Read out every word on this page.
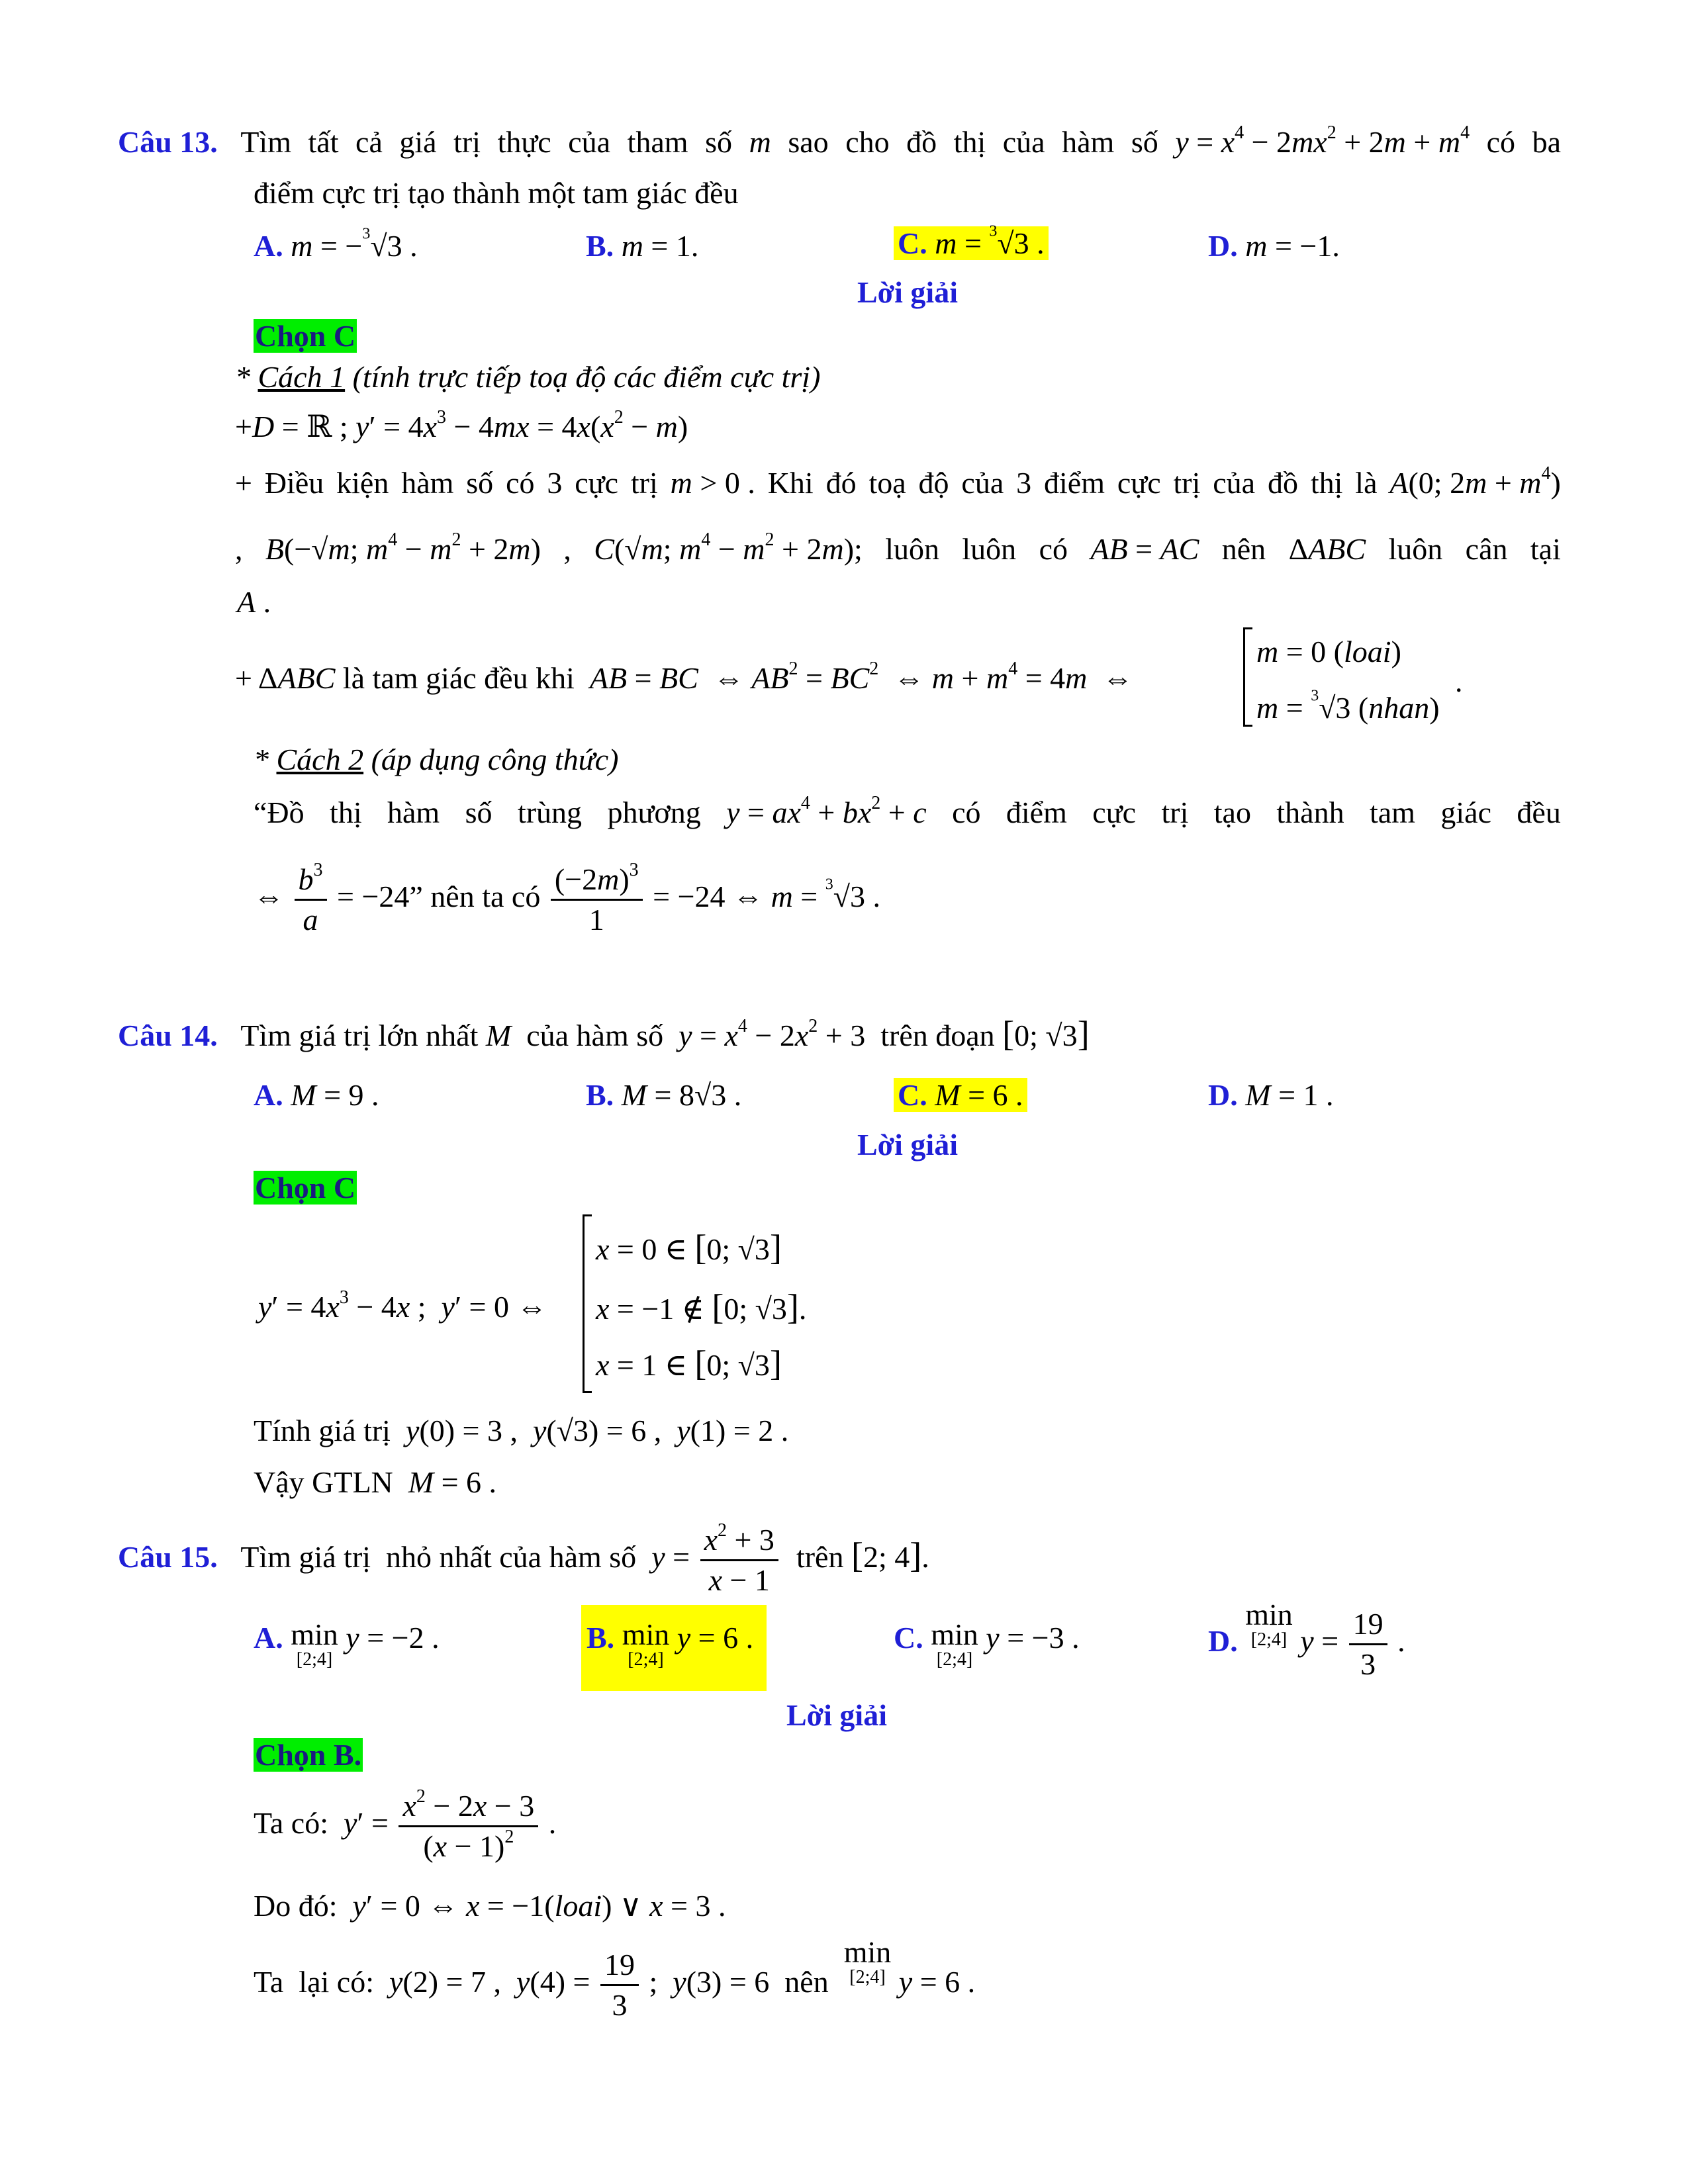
Câu 13.   Tìm tất cả giá trị thực của tham số m sao cho đồ thị của hàm số $y = x^4 - 2mx^2 + 2m + m^4$ có ba
điểm cực trị tạo thành một tam giác đều
A. m = −$^3$√3 .	B. m = 1.	C. m = $^3$√3 .	D. m = −1.
Lời giải
Chọn C
* Cách 1 (tính trực tiếp toạ độ các điểm cực trị)
+D = ℝ ; $y' = 4x^3 - 4mx = 4x(x^2 - m)$
+ Điều kiện hàm số có 3 cực trị m > 0 . Khi đó toạ độ của 3 điểm cực trị của đồ thị là A(0; $2m + m^4$)
, B(−√m; $m^4 - m^2 + 2m$) , C(√m; $m^4 - m^2 + 2m$); luôn luôn có AB = AC nên ΔABC luôn cân tại
A .
+ ΔABC là tam giác đều khi  AB = BC  ⇔ $AB^2 = BC^2$  ⇔ $m + m^4 = 4m$  ⇔
m = 0 (loai)
m = $^3$√3 (nhan)
.
* Cách 2 (áp dụng công thức)
“Đồ thị hàm số trùng phương $y = ax^4 + bx^2 + c$ có điểm cực trị tạo thành tam giác đều
⇔ $\frac{b^3}{a} = -24$” nên ta có $\frac{(-2m)^3}{1} = -24$ ⇔ m = $^3$√3 .
Câu 14.   Tìm giá trị lớn nhất M  của hàm số  $y = x^4 - 2x^2 + 3$  trên đoạn [0; √3]
A. M = 9 .	B. M = 8√3 .	C. M = 6 .	D. M = 1 .
Lời giải
Chọn C
$y' = 4x^3 - 4x$ ;  y′ = 0 ⇔
x = 0 ∈ [0; √3]
x = −1 ∉ [0; √3].
x = 1 ∈ [0; √3]
Tính giá trị  y(0) = 3 ,  y(√3) = 6 ,  y(1) = 2 .
Vậy GTLN  M = 6 .
Câu 15.   Tìm giá trị  nhỏ nhất của hàm số  $y = \frac{x^2 + 3}{x - 1}$ trên [2; 4].
A. min
[2;4]
y = −2 .	B. min
[2;4]
y = 6 .	C. min
[2;4]
y = −3 .	D. min
[2;4] $y = \frac{19}{3}$ .
Lời giải
Chọn B.
Ta có:  $y' = \frac{x^2 - 2x - 3}{(x - 1)^2}$ .
Do đó:  y′ = 0 ⇔ x = −1(loai) ∨ x = 3 .
Ta  lại có:  y(2) = 7 ,  $y(4) = \frac{19}{3}$ ;  y(3) = 6  nên  min
[2;4] y = 6 .
